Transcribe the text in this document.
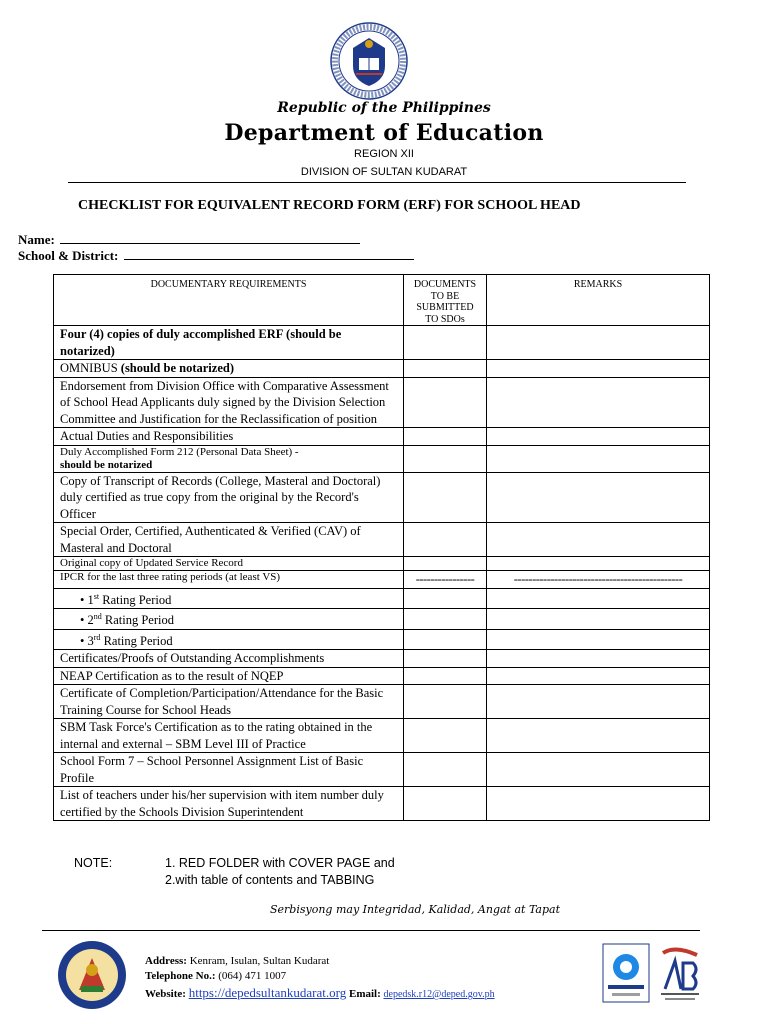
Republic of the Philippines
Department of Education
REGION XII
DIVISION OF SULTAN KUDARAT
CHECKLIST FOR EQUIVALENT RECORD FORM (ERF) FOR SCHOOL HEAD
Name:
School & District:
DOCUMENTARY REQUIREMENTS	DOCUMENTS TO BE SUBMITTED TO SDOs	REMARKS
Four (4) copies of duly accomplished ERF (should be notarized)		
OMNIBUS (should be notarized)		
Endorsement from Division Office with Comparative Assessment of School Head Applicants duly signed by the Division Selection Committee and Justification for the Reclassification of position		
Actual Duties and Responsibilities		
Duly Accomplished Form 212 (Personal Data Sheet) -
should be notarized		
Copy of Transcript of Records (College, Masteral and Doctoral) duly certified as true copy from the original by the Record's Officer		
Special Order, Certified, Authenticated & Verified (CAV) of Masteral and Doctoral		
Original copy of Updated Service Record		
IPCR for the last three rating periods (at least VS)	----------------	----------------------------------------------
• 1st Rating Period		
• 2nd Rating Period		
• 3rd Rating Period		
Certificates/Proofs of Outstanding Accomplishments		
NEAP Certification as to the result of NQEP		
Certificate of Completion/Participation/Attendance for the Basic Training Course for School Heads		
SBM Task Force's Certification as to the rating obtained in the internal and external – SBM Level III of Practice		
School Form 7 – School Personnel Assignment List of Basic Profile		
List of teachers under his/her supervision with item number duly certified by the Schools Division Superintendent		
NOTE:	1. RED FOLDER with COVER PAGE and
2.with table of contents and TABBING
Serbisyong may Integridad, Kalidad, Angat at Tapat
Address: Kenram, Isulan, Sultan Kudarat
Telephone No.: (064) 471 1007
Website: https://depedsultankudarat.org Email: depedsk.r12@deped.gov.ph
